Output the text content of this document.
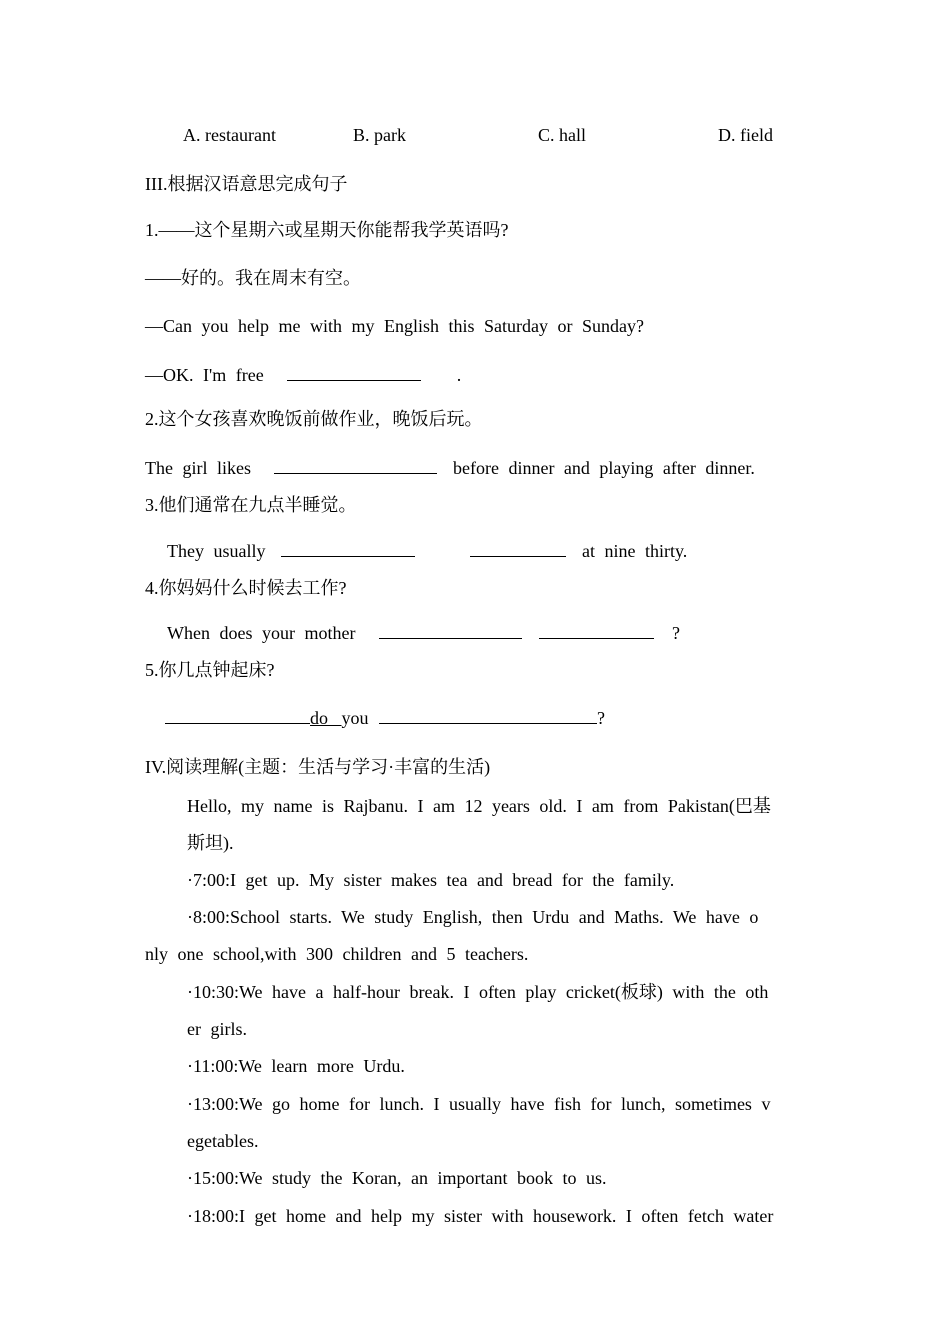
A. restaurant	B. park	C. hall	D. field
III.根据汉语意思完成句子
1.——这个星期六或星期天你能帮我学英语吗?
——好的。我在周末有空。
—Can you help me with my English this Saturday or Sunday?
—OK. I'm free	.
2.这个女孩喜欢晚饭前做作业，晚饭后玩。
The girl likes	before dinner and playing after dinner.
3.他们通常在九点半睡觉。
They usually	at nine thirty.
4.你妈妈什么时候去工作?
When does your mother	?
5.你几点钟起床?
do you	?
IV.阅读理解(主题：生活与学习·丰富的生活)
Hello, my name is Rajbanu. I am 12 years old. I am from Pakistan(巴基
斯坦).
·7:00:I get up. My sister makes tea and bread for the family.
·8:00:School starts. We study English, then Urdu and Maths. We have o
nly one school,with 300 children and 5 teachers.
·10:30:We have a half-hour break. I often play cricket(板球) with the oth
er girls.
·11:00:We learn more Urdu.
·13:00:We go home for lunch. I usually have fish for lunch, sometimes v
egetables.
·15:00:We study the Koran, an important book to us.
·18:00:I get home and help my sister with housework. I often fetch water
